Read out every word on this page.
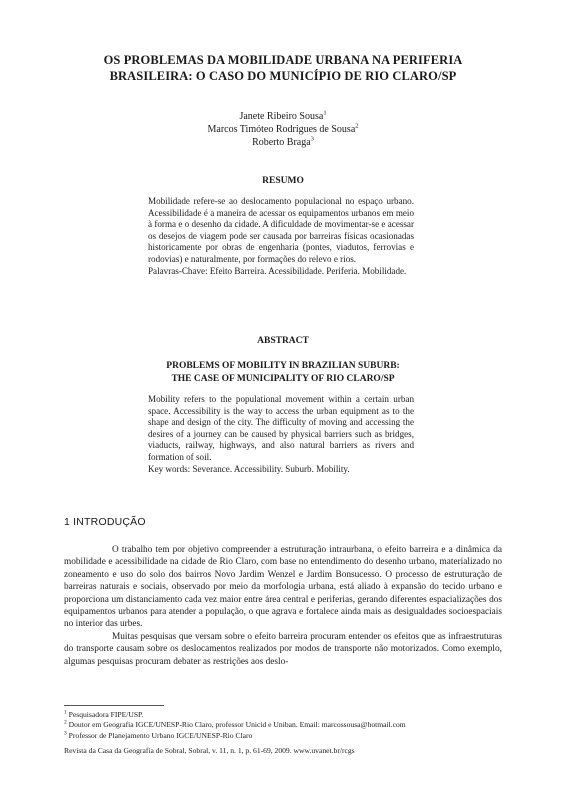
OS PROBLEMAS DA MOBILIDADE URBANA NA PERIFERIA
BRASILEIRA: O CASO DO MUNICÍPIO DE RIO CLARO/SP
Janete Ribeiro Sousa$^1$
Marcos Timóteo Rodrigues de Sousa$^2$
Roberto Braga$^3$
RESUMO

Mobilidade refere-se ao deslocamento populacional no espaço urbano. Acessibilidade é a maneira de acessar os equipamentos urbanos em meio à forma e o desenho da cidade. A dificuldade de movimentar-se e acessar os desejos de viagem pode ser causada por barreiras físicas ocasionadas historicamente por obras de engenharia (pontes, viadutos, ferrovias e rodovias) e naturalmente, por formações do relevo e rios.

Palavras-Chave: Efeito Barreira. Acessibilidade. Periferia. Mobilidade.

ABSTRACT
PROBLEMS OF MOBILITY IN BRAZILIAN SUBURB:
THE CASE OF MUNICIPALITY OF RIO CLARO/SP

Mobility refers to the populational movement within a certain urban space. Accessibility is the way to access the urban equipment as to the shape and design of the city. The difficulty of moving and accessing the desires of a journey can be caused by physical barriers such as bridges, viaducts, railway, highways, and also natural barriers as rivers and formation of soil.

Key words: Severance. Accessibility. Suburb. Mobility.

1 INTRODUÇÃO

O trabalho tem por objetivo compreender a estruturação intraurbana, o efeito barreira e a dinâmica da mobilidade e acessibilidade na cidade de Rio Claro, com base no entendimento do desenho urbano, materializado no zoneamento e uso do solo dos bairros Novo Jardim Wenzel e Jardim Bonsucesso. O processo de estruturação de barreiras naturais e sociais, observado por meio da morfologia urbana, está aliado à expansão do tecido urbano e proporciona um distanciamento cada vez maior entre área central e periferias, gerando diferentes espacializações dos equipamentos urbanos para atender a população, o que agrava e fortalece ainda mais as desigualdades socioespaciais no interior das urbes.

Muitas pesquisas que versam sobre o efeito barreira procuram entender os efeitos que as infraestruturas do transporte causam sobre os deslocamentos realizados por modos de transporte não motorizados. Como exemplo, algumas pesquisas procuram debater as restrições aos deslo-

$^1$ Pesquisadora FIPE/USP.
$^2$ Doutor em Geografia IGCE/UNESP-Rio Claro, professor Unicid e Uniban. Email: marcossousa@hotmail.com
$^3$ Professor de Planejamento Urbano IGCE/UNESP-Rio Claro
Revista da Casa da Geografia de Sobral, Sobral, v. 11, n. 1, p. 61-69, 2009. www.uvanet.br/rcgs
